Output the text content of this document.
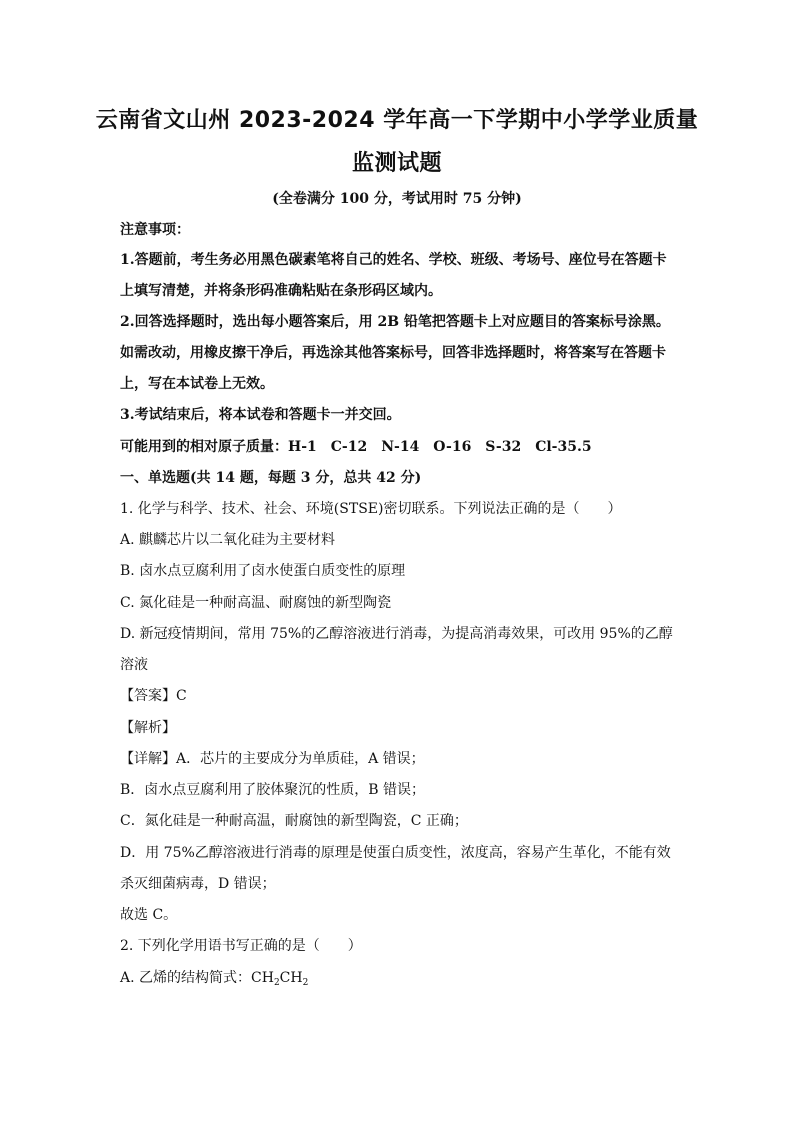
云南省文山州 2023-2024 学年高一下学期中小学学业质量
监测试题
(全卷满分 100 分，考试用时 75 分钟)
注意事项：
1.答题前，考生务必用黑色碳素笔将自己的姓名、学校、班级、考场号、座位号在答题卡
上填写清楚，并将条形码准确粘贴在条形码区域内。
2.回答选择题时，选出每小题答案后，用 2B 铅笔把答题卡上对应题目的答案标号涂黑。
如需改动，用橡皮擦干净后，再选涂其他答案标号，回答非选择题时，将答案写在答题卡
上，写在本试卷上无效。
3.考试结束后，将本试卷和答题卡一并交回。
可能用到的相对原子质量：H-1　C-12　N-14　O-16　S-32　Cl-35.5
一、单选题(共 14 题，每题 3 分，总共 42 分)
1. 化学与科学、技术、社会、环境(STSE)密切联系。下列说法正确的是（　　）
A. 麒麟芯片以二氧化硅为主要材料
B. 卤水点豆腐利用了卤水使蛋白质变性的原理
C. 氮化硅是一种耐高温、耐腐蚀的新型陶瓷
D. 新冠疫情期间，常用 75%的乙醇溶液进行消毒，为提高消毒效果，可改用 95%的乙醇
溶液
【答案】C
【解析】
【详解】A．芯片的主要成分为单质硅，A 错误；
B．卤水点豆腐利用了胶体聚沉的性质，B 错误；
C．氮化硅是一种耐高温，耐腐蚀的新型陶瓷，C 正确；
D．用 75%乙醇溶液进行消毒的原理是使蛋白质变性，浓度高，容易产生革化，不能有效
杀灭细菌病毒，D 错误；
故选 C。
2. 下列化学用语书写正确的是（　　）
A. 乙烯的结构简式：$CH_2CH_2$
